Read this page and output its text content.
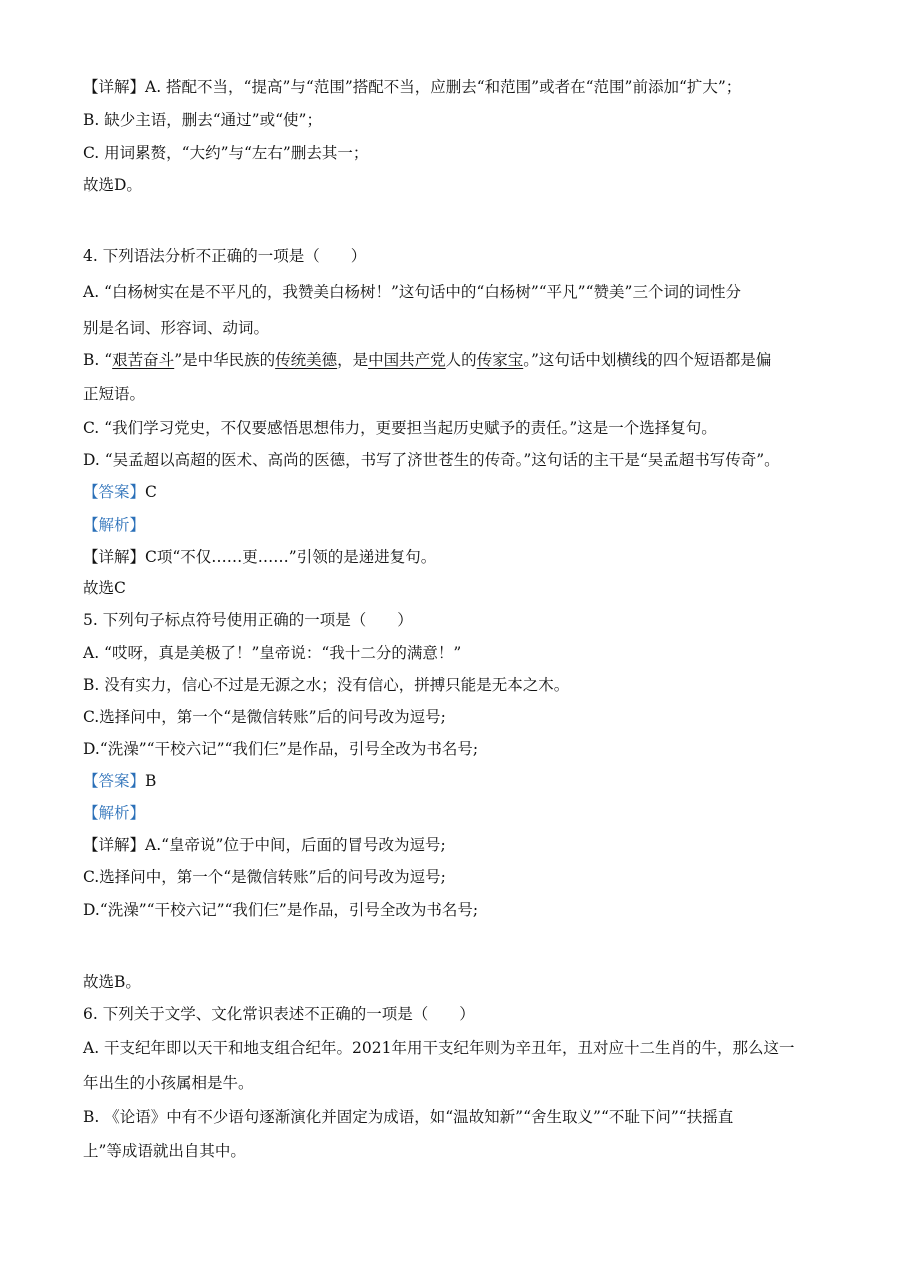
【详解】A. 搭配不当，“提高”与“范围”搭配不当，应删去“和范围”或者在“范围”前添加“扩大”；
B. 缺少主语，删去“通过”或“使”；
C. 用词累赘，“大约”与“左右”删去其一；
故选D。
4. 下列语法分析不正确的一项是（　　）
A. “白杨树实在是不平凡的，我赞美白杨树！”这句话中的“白杨树”“平凡”“赞美”三个词的词性分
别是名词、形容词、动词。
B. “艰苦奋斗”是中华民族的传统美德，是中国共产党人的传家宝。”这句话中划横线的四个短语都是偏
正短语。
C. “我们学习党史，不仅要感悟思想伟力，更要担当起历史赋予的责任。”这是一个选择复句。
D. “吴孟超以高超的医术、高尚的医德，书写了济世苍生的传奇。”这句话的主干是“吴孟超书写传奇”。
【答案】C
【解析】
【详解】C项“不仅……更……”引领的是递进复句。
故选C
5. 下列句子标点符号使用正确的一项是（　　）
A. “哎呀，真是美极了！”皇帝说：“我十二分的满意！”
B. 没有实力，信心不过是无源之水；没有信心，拼搏只能是无本之木。
C.选择问中，第一个“是微信转账”后的问号改为逗号;
D.“洗澡”“干校六记”“我们仨”是作品，引号全改为书名号;
【答案】B
【解析】
【详解】A.“皇帝说”位于中间，后面的冒号改为逗号;
C.选择问中，第一个“是微信转账”后的问号改为逗号;
D.“洗澡”“干校六记”“我们仨”是作品，引号全改为书名号;
故选B。
6. 下列关于文学、文化常识表述不正确的一项是（　　）
A. 干支纪年即以天干和地支组合纪年。2021年用干支纪年则为辛丑年，丑对应十二生肖的牛，那么这一
年出生的小孩属相是牛。
B. 《论语》中有不少语句逐渐演化并固定为成语，如“温故知新”“舍生取义”“不耻下问”“扶摇直
上”等成语就出自其中。
